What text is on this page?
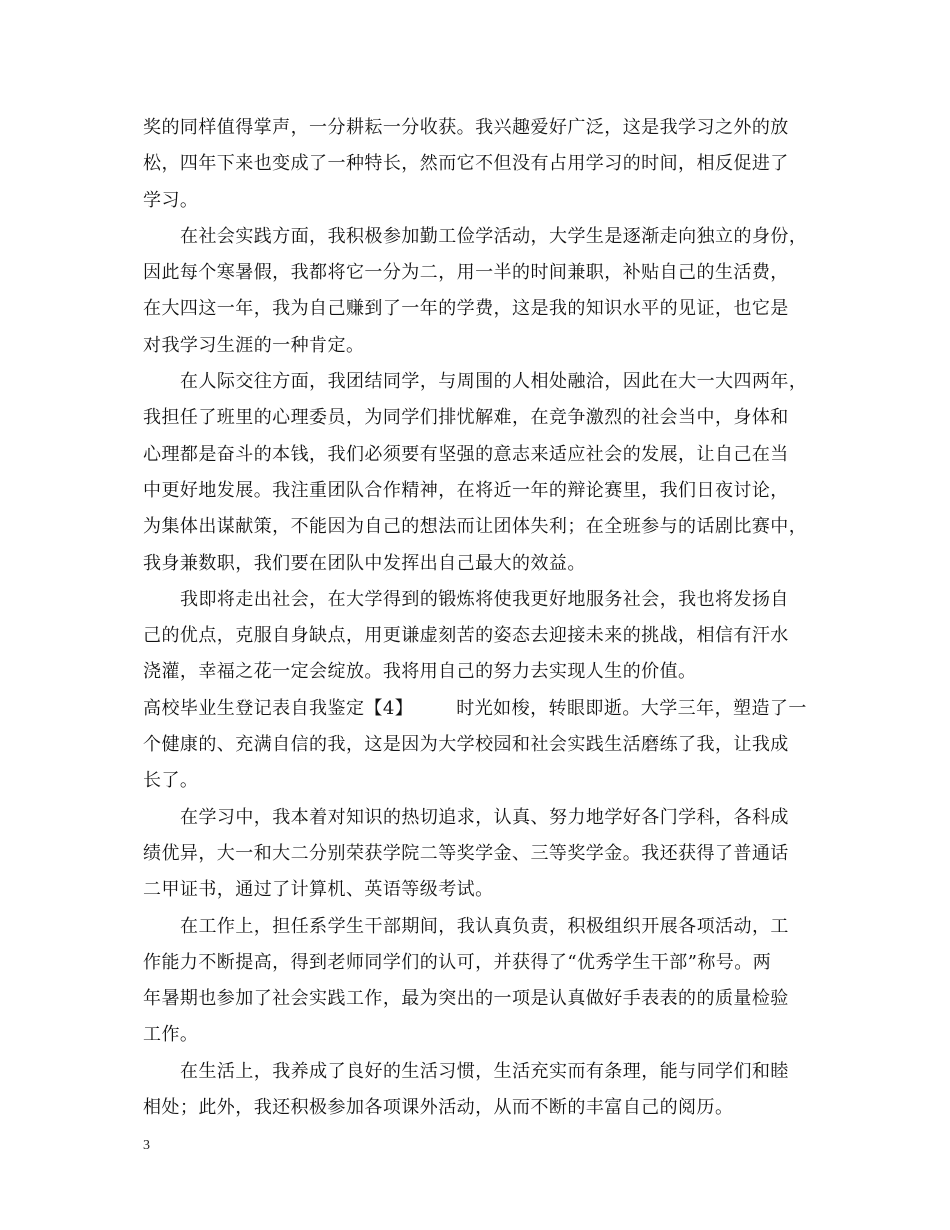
奖的同样值得掌声，一分耕耘一分收获。我兴趣爱好广泛，这是我学习之外的放
松，四年下来也变成了一种特长，然而它不但没有占用学习的时间，相反促进了
学习。
在社会实践方面，我积极参加勤工俭学活动，大学生是逐渐走向独立的身份，
因此每个寒暑假，我都将它一分为二，用一半的时间兼职，补贴自己的生活费，
在大四这一年，我为自己赚到了一年的学费，这是我的知识水平的见证，也它是
对我学习生涯的一种肯定。
在人际交往方面，我团结同学，与周围的人相处融洽，因此在大一大四两年，
我担任了班里的心理委员，为同学们排忧解难，在竞争激烈的社会当中，身体和
心理都是奋斗的本钱，我们必须要有坚强的意志来适应社会的发展，让自己在当
中更好地发展。我注重团队合作精神，在将近一年的辩论赛里，我们日夜讨论，
为集体出谋献策，不能因为自己的想法而让团体失利；在全班参与的话剧比赛中，
我身兼数职，我们要在团队中发挥出自己最大的效益。
我即将走出社会，在大学得到的锻炼将使我更好地服务社会，我也将发扬自
己的优点，克服自身缺点，用更谦虚刻苦的姿态去迎接未来的挑战，相信有汗水
浇灌，幸福之花一定会绽放。我将用自己的努力去实现人生的价值。
高校毕业生登记表自我鉴定【4】 　　时光如梭，转眼即逝。大学三年，塑造了一
个健康的、充满自信的我，这是因为大学校园和社会实践生活磨练了我，让我成
长了。
在学习中，我本着对知识的热切追求，认真、努力地学好各门学科，各科成
绩优异，大一和大二分别荣获学院二等奖学金、三等奖学金。我还获得了普通话
二甲证书，通过了计算机、英语等级考试。
在工作上，担任系学生干部期间，我认真负责，积极组织开展各项活动，工
作能力不断提高，得到老师同学们的认可，并获得了“优秀学生干部”称号。两
年暑期也参加了社会实践工作，最为突出的一项是认真做好手表表的的质量检验
工作。
在生活上，我养成了良好的生活习惯，生活充实而有条理，能与同学们和睦
相处；此外，我还积极参加各项课外活动，从而不断的丰富自己的阅历。
3
